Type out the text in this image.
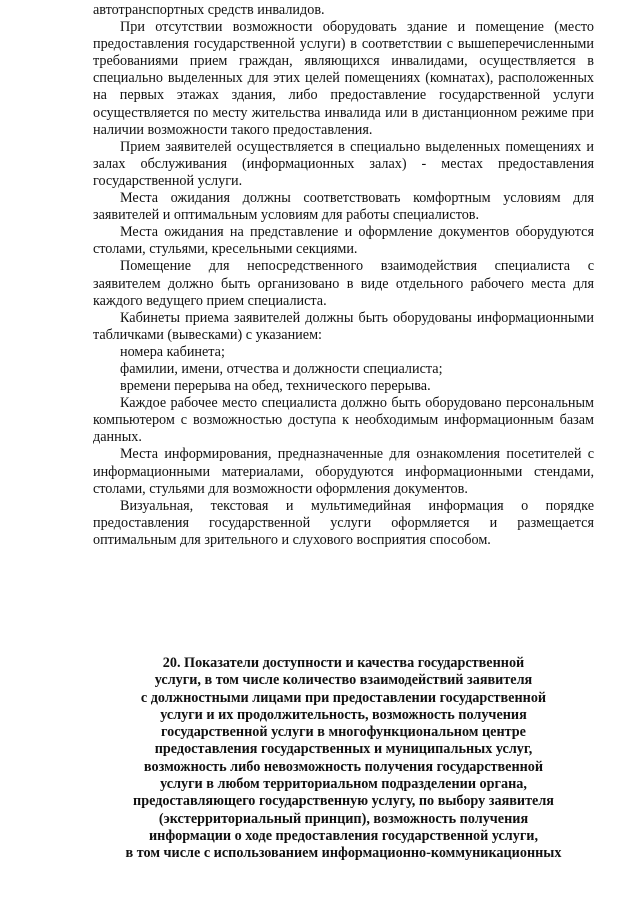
автотранспортных средств инвалидов.

При отсутствии возможности оборудовать здание и помещение (место предоставления государственной услуги) в соответствии с вышеперечисленными требованиями прием граждан, являющихся инвалидами, осуществляется в специально выделенных для этих целей помещениях (комнатах), расположенных на первых этажах здания, либо предоставление государственной услуги осуществляется по месту жительства инвалида или в дистанционном режиме при наличии возможности такого предоставления.

Прием заявителей осуществляется в специально выделенных помещениях и залах обслуживания (информационных залах) - местах предоставления государственной услуги.

Места ожидания должны соответствовать комфортным условиям для заявителей и оптимальным условиям для работы специалистов.

Места ожидания на представление и оформление документов оборудуются столами, стульями, кресельными секциями.

Помещение для непосредственного взаимодействия специалиста с заявителем должно быть организовано в виде отдельного рабочего места для каждого ведущего прием специалиста.

Кабинеты приема заявителей должны быть оборудованы информационными табличками (вывесками) с указанием:

номера кабинета;

фамилии, имени, отчества и должности специалиста;

времени перерыва на обед, технического перерыва.

Каждое рабочее место специалиста должно быть оборудовано персональным компьютером с возможностью доступа к необходимым информационным базам данных.

Места информирования, предназначенные для ознакомления посетителей с информационными материалами, оборудуются информационными стендами, столами, стульями для возможности оформления документов.

Визуальная, текстовая и мультимедийная информация о порядке предоставления государственной услуги оформляется и размещается оптимальным для зрительного и слухового восприятия способом.

20. Показатели доступности и качества государственной
услуги, в том числе количество взаимодействий заявителя
с должностными лицами при предоставлении государственной
услуги и их продолжительность, возможность получения
государственной услуги в многофункциональном центре
предоставления государственных и муниципальных услуг,
возможность либо невозможность получения государственной
услуги в любом территориальном подразделении органа,
предоставляющего государственную услугу, по выбору заявителя
(экстерриториальный принцип), возможность получения
информации о ходе предоставления государственной услуги,
в том числе с использованием информационно-коммуникационных
